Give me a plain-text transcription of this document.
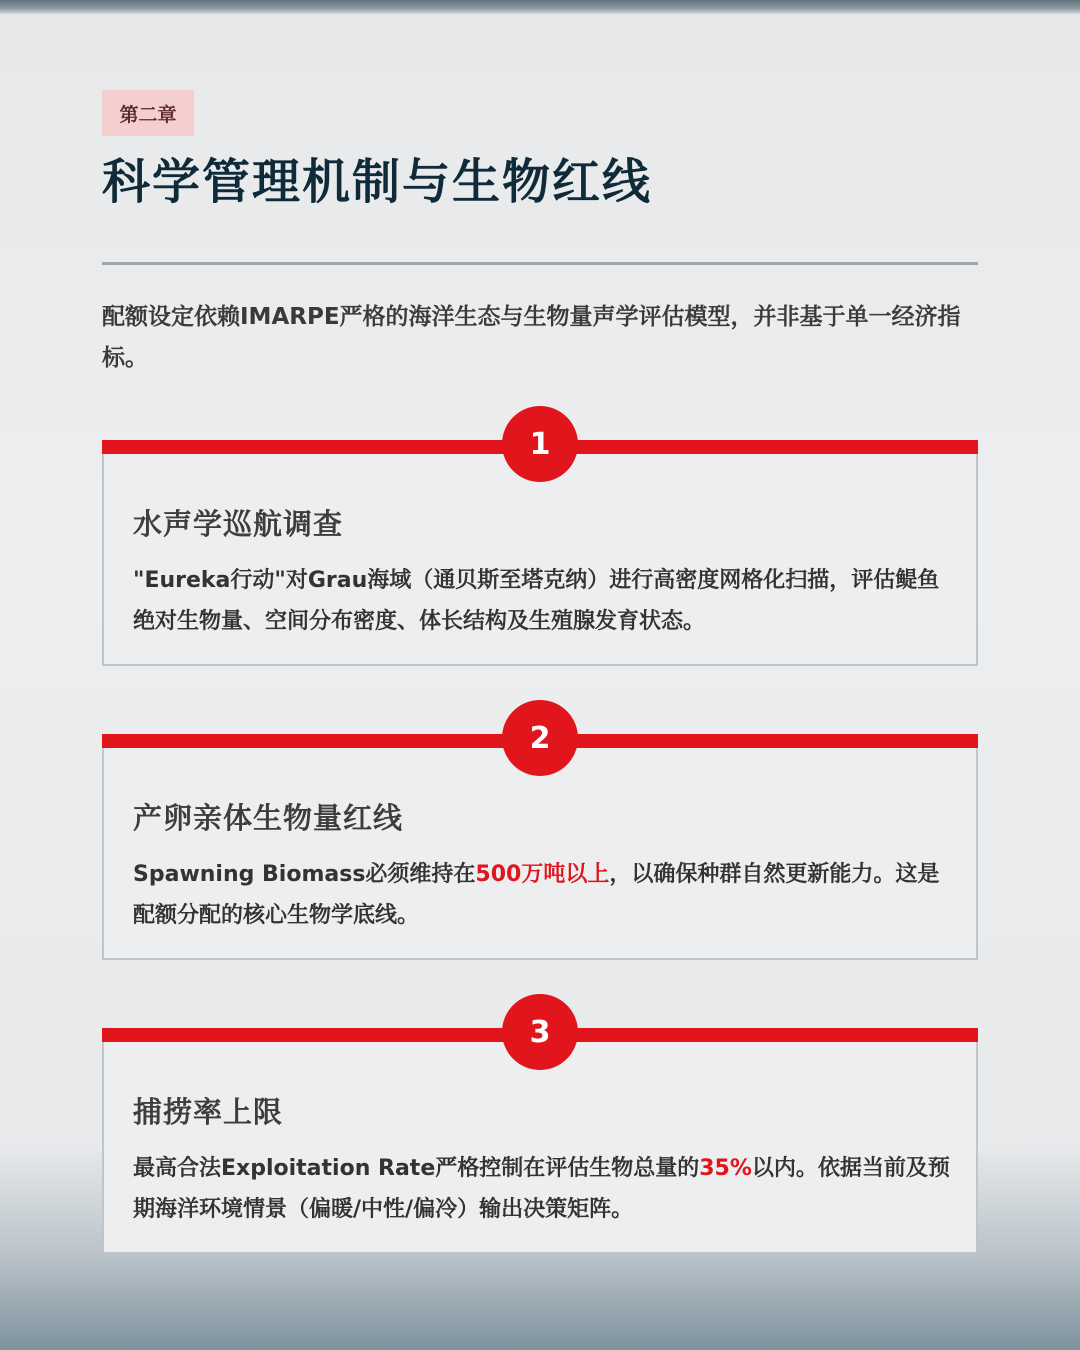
第二章
科学管理机制与生物红线

配额设定依赖IMARPE严格的海洋生态与生物量声学评估模型，并非基于单一经济指标。

1
水声学巡航调查

"Eureka行动"对Grau海域（通贝斯至塔克纳）进行高密度网格化扫描，评估鳀鱼绝对生物量、空间分布密度、体长结构及生殖腺发育状态。

2
产卵亲体生物量红线

Spawning Biomass必须维持在500万吨以上，以确保种群自然更新能力。这是配额分配的核心生物学底线。

3
捕捞率上限

最高合法Exploitation Rate严格控制在评估生物总量的35%以内。依据当前及预期海洋环境情景（偏暖/中性/偏冷）输出决策矩阵。
